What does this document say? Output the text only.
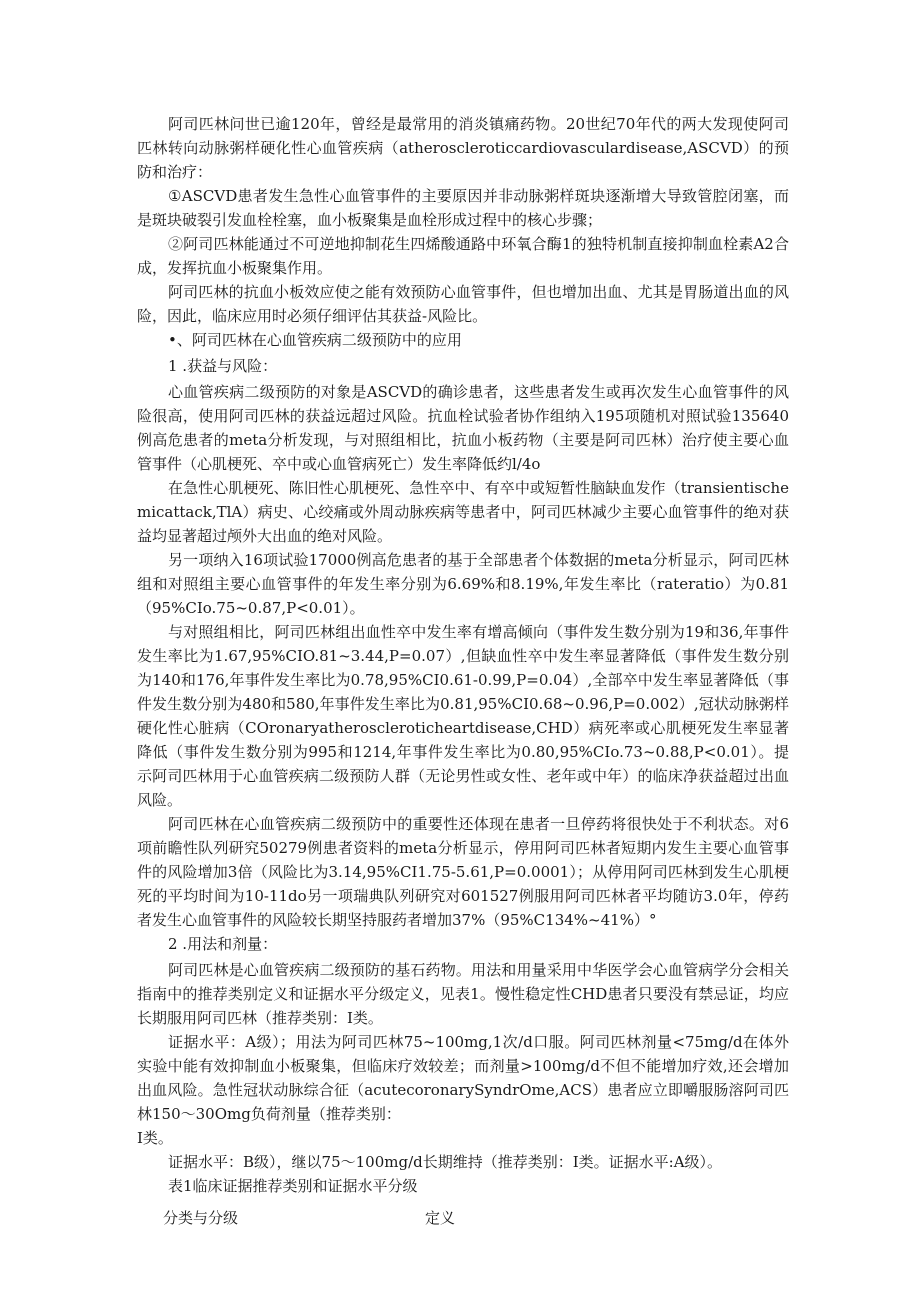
阿司匹林问世已逾120年，曾经是最常用的消炎镇痛药物。20世纪70年代的两大发现使阿司匹林转向动脉粥样硬化性心血管疾病（atheroscleroticcardiovasculardisease,ASCVD）的预防和治疗：

①ASCVD患者发生急性心血管事件的主要原因并非动脉粥样斑块逐渐增大导致管腔闭塞，而是斑块破裂引发血栓栓塞，血小板聚集是血栓形成过程中的核心步骤；

②阿司匹林能通过不可逆地抑制花生四烯酸通路中环氧合酶1的独特机制直接抑制血栓素A2合成，发挥抗血小板聚集作用。

阿司匹林的抗血小板效应使之能有效预防心血管事件，但也增加出血、尤其是胃肠道出血的风险，因此，临床应用时必须仔细评估其获益-风险比。

•、阿司匹林在心血管疾病二级预防中的应用

1 .获益与风险：

心血管疾病二级预防的对象是ASCVD的确诊患者，这些患者发生或再次发生心血管事件的风险很高，使用阿司匹林的获益远超过风险。抗血栓试验者协作组纳入195项随机对照试验135640例高危患者的meta分析发现，与对照组相比，抗血小板药物（主要是阿司匹林）治疗使主要心血管事件（心肌梗死、卒中或心血管病死亡）发生率降低约l/4o

在急性心肌梗死、陈旧性心肌梗死、急性卒中、有卒中或短暂性脑缺血发作（transientischemicattack,TlA）病史、心绞痛或外周动脉疾病等患者中，阿司匹林减少主要心血管事件的绝对获益均显著超过颅外大出血的绝对风险。

另一项纳入16项试验17000例高危患者的基于全部患者个体数据的meta分析显示，阿司匹林组和对照组主要心血管事件的年发生率分别为6.69%和8.19%,年发生率比（rateratio）为0.81（95%CIo.75~0.87,P<0.01）。

与对照组相比，阿司匹林组出血性卒中发生率有增高倾向（事件发生数分别为19和36,年事件发生率比为1.67,95%CIO.81~3.44,P=0.07）,但缺血性卒中发生率显著降低（事件发生数分别为140和176,年事件发生率比为0.78,95%CI0.61-0.99,P=0.04）,全部卒中发生率显著降低（事件发生数分别为480和580,年事件发生率比为0.81,95%CI0.68~0.96,P=0.002）,冠状动脉粥样硬化性心脏病（COronaryatheroscleroticheartdisease,CHD）病死率或心肌梗死发生率显著降低（事件发生数分别为995和1214,年事件发生率比为0.80,95%CIo.73~0.88,P<0.01）。提示阿司匹林用于心血管疾病二级预防人群（无论男性或女性、老年或中年）的临床净获益超过出血风险。

阿司匹林在心血管疾病二级预防中的重要性还体现在患者一旦停药将很快处于不利状态。对6项前瞻性队列研究50279例患者资料的meta分析显示，停用阿司匹林者短期内发生主要心血管事件的风险增加3倍（风险比为3.14,95%CI1.75-5.61,P=0.0001）；从停用阿司匹林到发生心肌梗死的平均时间为10-11do另一项瑞典队列研究对601527例服用阿司匹林者平均随访3.0年，停药者发生心血管事件的风险较长期坚持服药者增加37%（95%C134%~41%）°

2 .用法和剂量：

阿司匹林是心血管疾病二级预防的基石药物。用法和用量采用中华医学会心血管病学分会相关指南中的推荐类别定义和证据水平分级定义，见表1。慢性稳定性CHD患者只要没有禁忌证，均应长期服用阿司匹林（推荐类别：I类。

证据水平：A级）；用法为阿司匹林75~100mg,1次/d口服。阿司匹林剂量<75mg/d在体外实验中能有效抑制血小板聚集，但临床疗效较差；而剂量>100mg/d不但不能增加疗效,还会增加出血风险。急性冠状动脉综合征（acutecoronarySyndrOme,ACS）患者应立即嚼服肠溶阿司匹林150～30Omg负荷剂量（推荐类别：

I类。

证据水平：B级），继以75～100mg/d长期维持（推荐类别：I类。证据水平:A级）。

表1临床证据推荐类别和证据水平分级

分类与分级	定义
